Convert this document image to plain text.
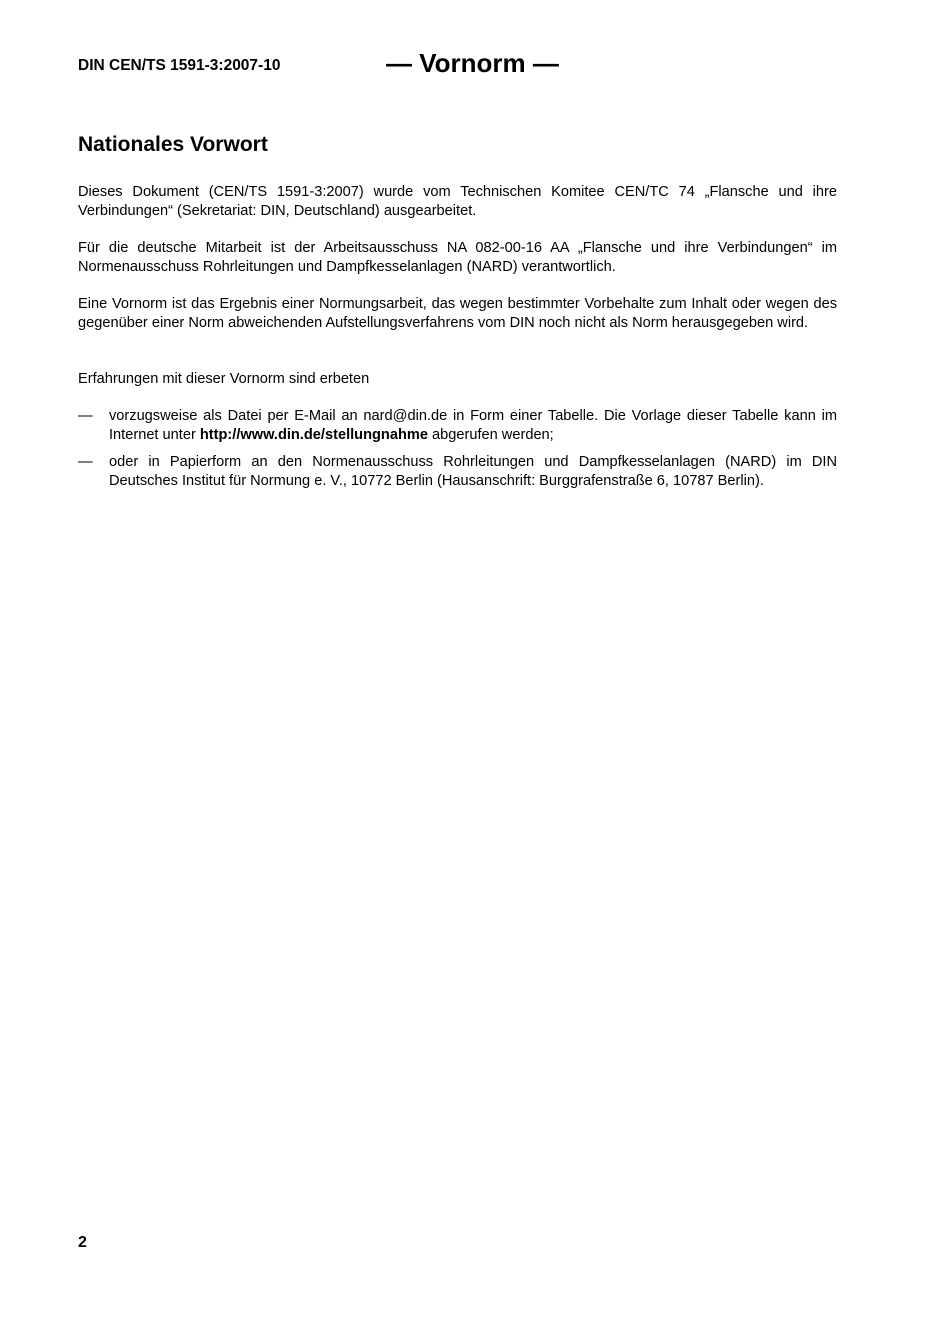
DIN CEN/TS 1591-3:2007-10	— Vornorm —
Nationales Vorwort

Dieses Dokument (CEN/TS 1591-3:2007) wurde vom Technischen Komitee CEN/TC 74 „Flansche und ihre Verbindungen“ (Sekretariat: DIN, Deutschland) ausgearbeitet.

Für die deutsche Mitarbeit ist der Arbeitsausschuss NA 082-00-16 AA „Flansche und ihre Verbindungen“ im Normenausschuss Rohrleitungen und Dampfkesselanlagen (NARD) verantwortlich.

Eine Vornorm ist das Ergebnis einer Normungsarbeit, das wegen bestimmter Vorbehalte zum Inhalt oder wegen des gegenüber einer Norm abweichenden Aufstellungsverfahrens vom DIN noch nicht als Norm herausgegeben wird.

Erfahrungen mit dieser Vornorm sind erbeten

— vorzugsweise als Datei per E-Mail an nard@din.de in Form einer Tabelle. Die Vorlage dieser Tabelle kann im Internet unter http://www.din.de/stellungnahme abgerufen werden;
— oder in Papierform an den Normenausschuss Rohrleitungen und Dampfkesselanlagen (NARD) im DIN Deutsches Institut für Normung e. V., 10772 Berlin (Hausanschrift: Burggrafenstraße 6, 10787 Berlin).
2
